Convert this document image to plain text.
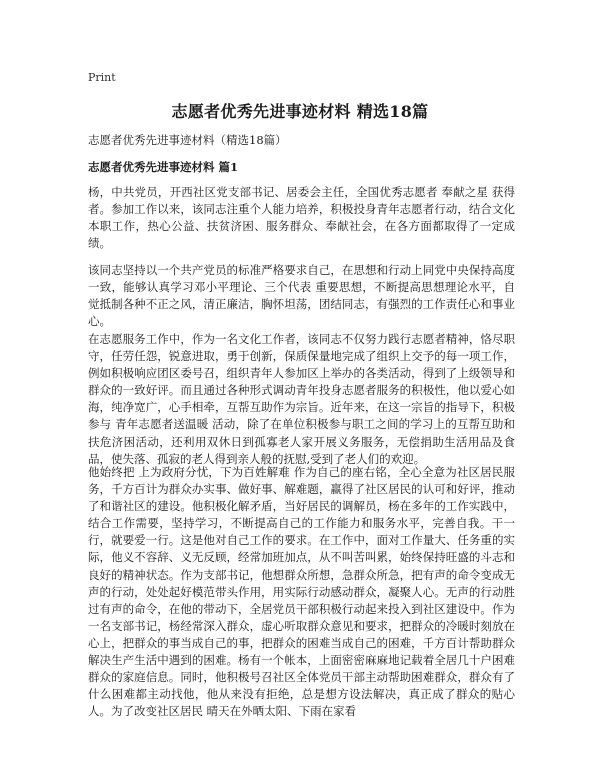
Print
志愿者优秀先进事迹材料 精选18篇
志愿者优秀先进事迹材料（精选18篇）
志愿者优秀先进事迹材料 篇1

杨，中共党员，开西社区党支部书记、居委会主任，全国优秀志愿者 奉献之星 获得者。参加工作以来，该同志注重个人能力培养，积极投身青年志愿者行动，结合文化本职工作，热心公益、扶贫济困、服务群众、奉献社会，在各方面都取得了一定成绩。

该同志坚持以一个共产党员的标准严格要求自己，在思想和行动上同党中央保持高度一致，能够认真学习邓小平理论、三个代表 重要思想，不断提高思想理论水平，自觉抵制各种不正之风，清正廉洁，胸怀坦荡，团结同志，有强烈的工作责任心和事业心。

在志愿服务工作中，作为一名文化工作者，该同志不仅努力践行志愿者精神，恪尽职守，任劳任怨，锐意进取，勇于创新，保质保量地完成了组织上交予的每一项工作，例如积极响应团区委号召，组织青年人参加区上举办的各类活动，得到了上级领导和群众的一致好评。而且通过各种形式调动青年投身志愿者服务的积极性，他以爱心如海，纯净宽广，心手相牵，互帮互助作为宗旨。近年来，在这一宗旨的指导下，积极参与 青年志愿者送温暖 活动，除了在单位积极参与职工之间的学习上的互帮互助和扶危济困活动，还利用双休日到孤寡老人家开展义务服务，无偿捐助生活用品及食品，使失落、孤寂的老人得到亲人般的抚慰,受到了老人们的欢迎。

他始终把 上为政府分忧，下为百姓解难 作为自己的座右铭，全心全意为社区居民服务，千方百计为群众办实事、做好事、解难题，赢得了社区居民的认可和好评，推动了和谐社区的建设。他积极化解矛盾，当好居民的调解员，杨在多年的工作实践中，结合工作需要，坚持学习，不断提高自己的工作能力和服务水平，完善自我。干一行，就要爱一行。这是他对自己工作的要求。在工作中，面对工作量大、任务重的实际，他义不容辞、义无反顾，经常加班加点，从不叫苦叫累，始终保持旺盛的斗志和良好的精神状态。作为支部书记，他想群众所想，急群众所急，把有声的命令变成无声的行动，处处起好模范带头作用，用实际行动感动群众，凝聚人心。无声的行动胜过有声的命令，在他的带动下，全居党员干部积极行动起来投入到社区建设中。作为一名支部书记，杨经常深入群众，虚心听取群众意见和要求，把群众的冷暖时刻放在心上，把群众的事当成自己的事，把群众的困难当成自己的困难，千方百计帮助群众解决生产生活中遇到的困难。杨有一个帐本，上面密密麻麻地记载着全居几十户困难群众的家庭信息。同时，他积极号召社区全体党员干部主动帮助困难群众，群众有了什么困难都主动找他，他从来没有拒绝，总是想方设法解决，真正成了群众的贴心人。为了改变社区居民 晴天在外晒太阳、下雨在家看
